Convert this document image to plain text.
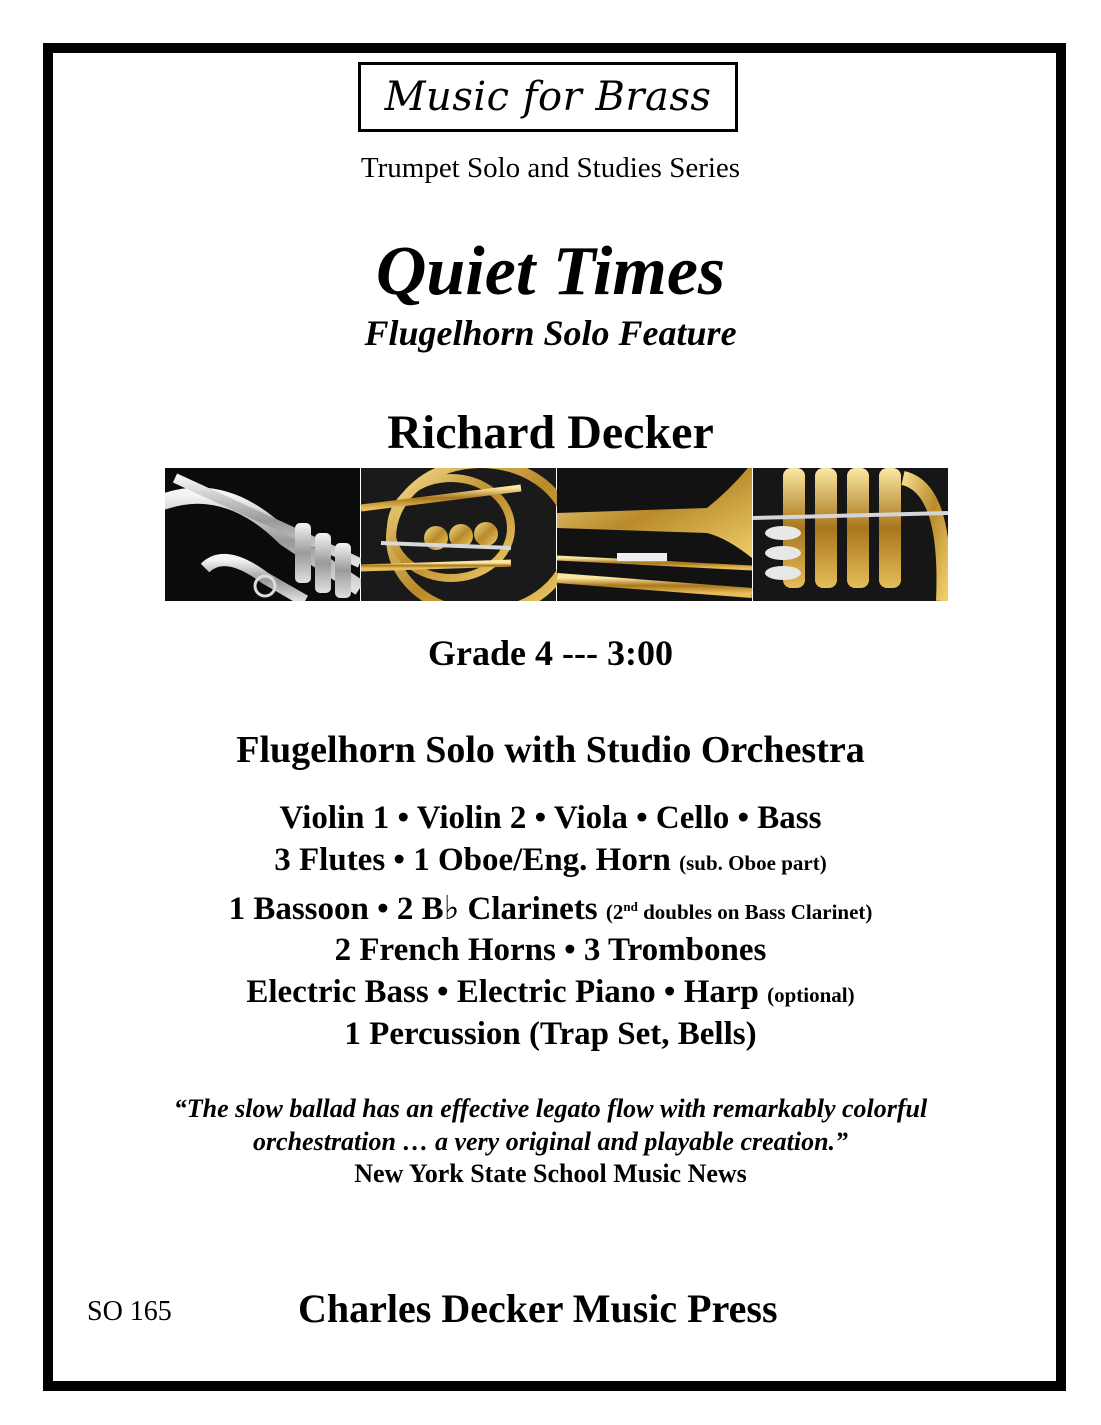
Music for Brass
Trumpet Solo and Studies Series
Quiet Times
Flugelhorn Solo Feature
Richard Decker
Grade 4 --- 3:00
Flugelhorn Solo with Studio Orchestra
Violin 1 • Violin 2 • Viola • Cello • Bass
3 Flutes • 1 Oboe/Eng. Horn (sub. Oboe part)
1 Bassoon • 2 B♭ Clarinets (2nd doubles on Bass Clarinet)
2 French Horns • 3 Trombones
Electric Bass • Electric Piano • Harp (optional)
1 Percussion (Trap Set, Bells)
“The slow ballad has an effective legato flow with remarkably colorful
orchestration … a very original and playable creation.”
New York State School Music News
SO 165	Charles Decker Music Press
